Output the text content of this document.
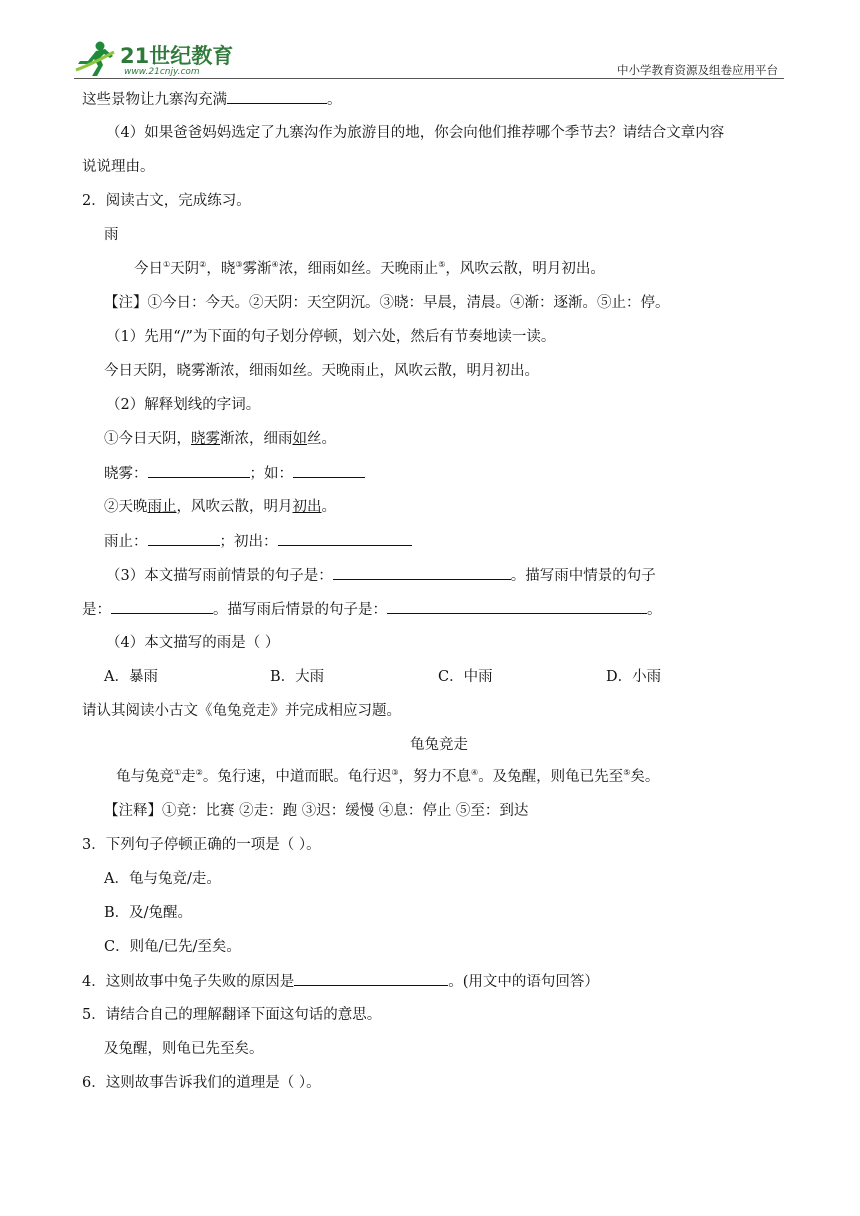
21世纪教育
www.21cnjy.com	中小学教育资源及组卷应用平台
这些景物让九寨沟充满	。
（4）如果爸爸妈妈选定了九寨沟作为旅游目的地，你会向他们推荐哪个季节去？请结合文章内容
说说理由。
2．阅读古文，完成练习。
雨
今日①天阴②，晓③雾渐④浓，细雨如丝。天晚雨止⑤，风吹云散，明月初出。
【注】①今日：今天。②天阴：天空阴沉。③晓：早晨，清晨。④渐：逐渐。⑤止：停。
（1）先用“/”为下面的句子划分停顿，划六处，然后有节奏地读一读。
今日天阴，晓雾渐浓，细雨如丝。天晚雨止，风吹云散，明月初出。
（2）解释划线的字词。
①今日天阴，晓雾渐浓，细雨如丝。
晓雾：	；如：
②天晚雨止，风吹云散，明月初出。
雨止：	；初出：
（3）本文描写雨前情景的句子是：	。描写雨中情景的句子
是：	。描写雨后情景的句子是：	。
（4）本文描写的雨是（ ）
A．暴雨	B．大雨	C．中雨	D．小雨
请认其阅读小古文《龟兔竞走》并完成相应习题。
龟兔竞走
龟与兔竞①走②。兔行速，中道而眠。龟行迟③，努力不息④。及兔醒，则龟已先至⑤矣。
【注释】①竞：比赛 ②走：跑 ③迟：缓慢 ④息：停止 ⑤至：到达
3．下列句子停顿正确的一项是（ ）。
A．龟与兔竞/走。
B．及/兔醒。
C．则龟/已先/至矣。
4．这则故事中兔子失败的原因是	。(用文中的语句回答）
5．请结合自己的理解翻译下面这句话的意思。
及兔醒，则龟已先至矣。
6．这则故事告诉我们的道理是（ ）。
